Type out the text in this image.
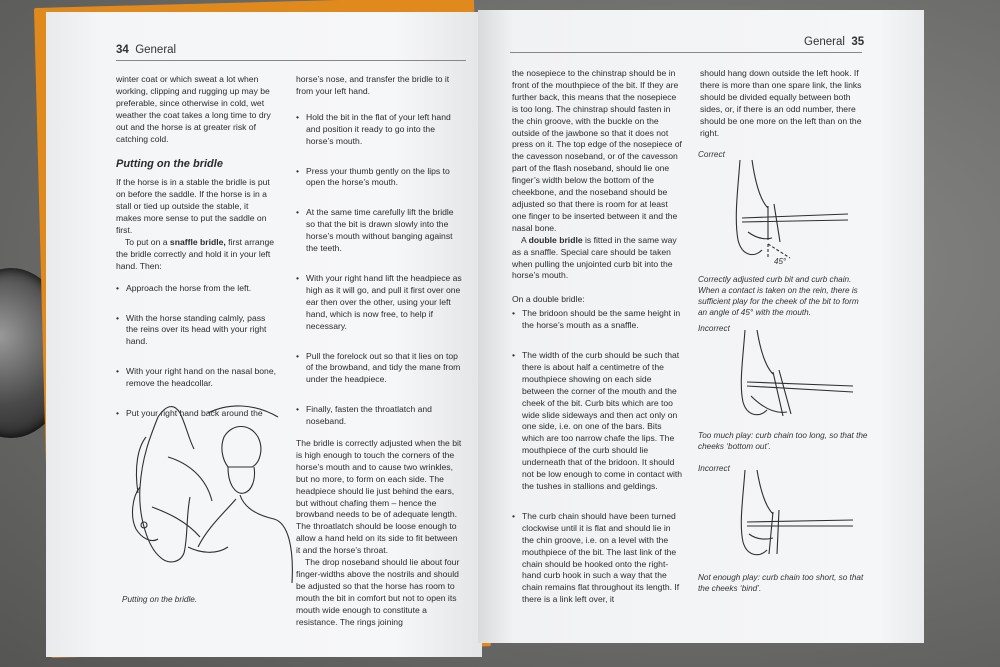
34 General

winter coat or which sweat a lot when working, clipping and rugging up may be preferable, since otherwise in cold, wet weather the coat takes a long time to dry out and the horse is at greater risk of catching cold.

Putting on the bridle

If the horse is in a stable the bridle is put on before the saddle. If the horse is in a stall or tied up outside the stable, it makes more sense to put the saddle on first.

To put on a snaffle bridle, first arrange the bridle correctly and hold it in your left hand. Then:

• Approach the horse from the left.
• With the horse standing calmly, pass the reins over its head with your right hand.
• With your right hand on the nasal bone, remove the headcollar.
• Put your right hand back around the
Putting on the bridle.

horse’s nose, and transfer the bridle to it from your left hand.

• Hold the bit in the flat of your left hand and position it ready to go into the horse’s mouth.
• Press your thumb gently on the lips to open the horse’s mouth.
• At the same time carefully lift the bridle so that the bit is drawn slowly into the horse’s mouth without banging against the teeth.
• With your right hand lift the headpiece as high as it will go, and pull it first over one ear then over the other, using your left hand, which is now free, to help if necessary.
• Pull the forelock out so that it lies on top of the browband, and tidy the mane from under the headpiece.
• Finally, fasten the throatlatch and noseband.

The bridle is correctly adjusted when the bit is high enough to touch the corners of the horse’s mouth and to cause two wrinkles, but no more, to form on each side. The headpiece should lie just behind the ears, but without chafing them – hence the browband needs to be of adequate length. The throatlatch should be loose enough to allow a hand held on its side to fit between it and the horse’s throat.

The drop noseband should lie about four finger-widths above the nostrils and should be adjusted so that the horse has room to mouth the bit in comfort but not to open its mouth wide enough to constitute a resistance. The rings joining

General 35

the nosepiece to the chinstrap should be in front of the mouthpiece of the bit. If they are further back, this means that the nosepiece is too long. The chinstrap should fasten in the chin groove, with the buckle on the outside of the jawbone so that it does not press on it. The top edge of the nosepiece of the cavesson noseband, or of the cavesson part of the flash noseband, should lie one finger’s width below the bottom of the cheekbone, and the noseband should be adjusted so that there is room for at least one finger to be inserted between it and the nasal bone.

A double bridle is fitted in the same way as a snaffle. Special care should be taken when pulling the unjointed curb bit into the horse’s mouth.

On a double bridle:

• The bridoon should be the same height in the horse’s mouth as a snaffle.
• The width of the curb should be such that there is about half a centimetre of the mouthpiece showing on each side between the corner of the mouth and the cheek of the bit. Curb bits which are too wide slide sideways and then act only on one side, i.e. on one of the bars. Bits which are too narrow chafe the lips. The mouthpiece of the curb should lie underneath that of the bridoon. It should not be low enough to come in contact with the tushes in stallions and geldings.
• The curb chain should have been turned clockwise until it is flat and should lie in the chin groove, i.e. on a level with the mouthpiece of the bit. The last link of the chain should be hooked onto the right-hand curb hook in such a way that the chain remains flat throughout its length. If there is a link left over, it

should hang down outside the left hook. If there is more than one spare link, the links should be divided equally between both sides, or, if there is an odd number, there should be one more on the left than on the right.

Correct
45°
Correctly adjusted curb bit and curb chain. When a contact is taken on the rein, there is sufficient play for the cheek of the bit to form an angle of 45° with the mouth.
Incorrect
Too much play: curb chain too long, so that the cheeks ‘bottom out’.
Incorrect
Not enough play: curb chain too short, so that the cheeks ‘bind’.
